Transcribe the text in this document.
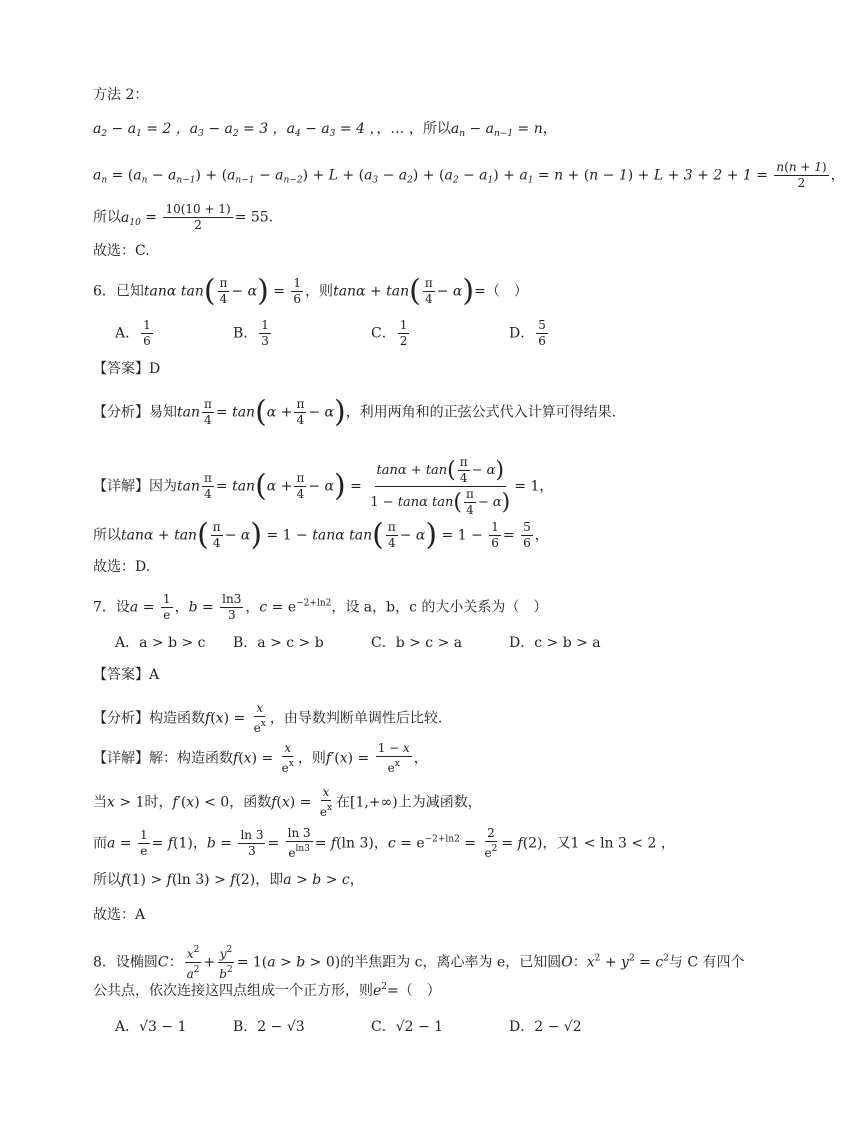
方法 2：
$a_2 - a_1 = 2$ ，$a_3 - a_2 = 3$ ，$a_4 - a_3 = 4$ ，，… ，所以$a_n - a_{n-1} = n$，
$a_n = (a_n - a_{n-1}) + (a_{n-1} - a_{n-2}) + L + (a_3 - a_2) + (a_2 - a_1) + a_1 = n + (n - 1) + L + 3 + 2 + 1 = \frac{n(n + 1)}{2}$ ，
所以$a_{10} = \frac{10(10 + 1)}{2} = 55$.
故选：C.
6．已知tanα $\tan( \frac{\pi}{4} - \alpha) = \frac{1}{6}$ ，则$\tan\alpha + \tan( \frac{\pi}{4} - \alpha)=$（　）
A． $\frac{1}{6}$	B． $\frac{1}{3}$	C． $\frac{1}{2}$	D． $\frac{5}{6}$
【答案】D
【分析】易知$\tan \frac{\pi}{4} = \tan(\alpha + \frac{\pi}{4} - \alpha)$，利用两角和的正弦公式代入计算可得结果.
【详解】因为$\tan \frac{\pi}{4} = \tan(\alpha + \frac{\pi}{4} - \alpha) = \frac{\tan\alpha + \tan( \frac{\pi}{4} - \alpha)}{1 - \tan\alpha \tan( \frac{\pi}{4} - \alpha)} = 1$，
所以$\tan\alpha + \tan( \frac{\pi}{4} - \alpha) = 1 - \tan\alpha$ $\tan( \frac{\pi}{4} - \alpha) = 1 - \frac{1}{6} = \frac{5}{6}$ ，
故选：D.
7．设$a = \frac{1}{e}$ ，$b = \frac{\ln 3}{3}$ ，$c = e^{-2+ln2}$，设 a，b，c 的大小关系为（　）
A．a > b > c B．a > c > b	C．b > c > a	D．c > b > a
【答案】A
【分析】构造函数$f(x) = \frac{x}{e^x}$ ，由导数判断单调性后比较.
【详解】解：构造函数$f(x) = \frac{x}{e^x}$ ，则$f'(x) = \frac{1 - x}{e^x}$ ，
当x > 1时，f′(x) < 0，函数$f(x) = \frac{x}{e^x}$ 在[1,+∞)上为减函数，
而$a = \frac{1}{e} = f(1)$，$b = \frac{\ln 3}{3} = \frac{\ln 3}{e^{ln3}} = f(\ln$ 3)，$c = e^{-2+ln2} = \frac{2}{e^2} = f(2)$，又1 < ln 3 < 2 ，
所以f(1) > f(ln 3) > f(2)，即a > b > c，
故选：A
8．设椭圆C： $\frac{x^2}{a^2} + \frac{y^2}{b^2} = 1(a > b > 0)$的半焦距为 c，离心率为 e，已知圆O：$x^2 + y^2 = c^2$与 C 有四个
公共点，依次连接这四点组成一个正方形，则$e^2=$（　）
A．√3 − 1	B．2 − √3	C．√2 − 1	D．2 − √2
